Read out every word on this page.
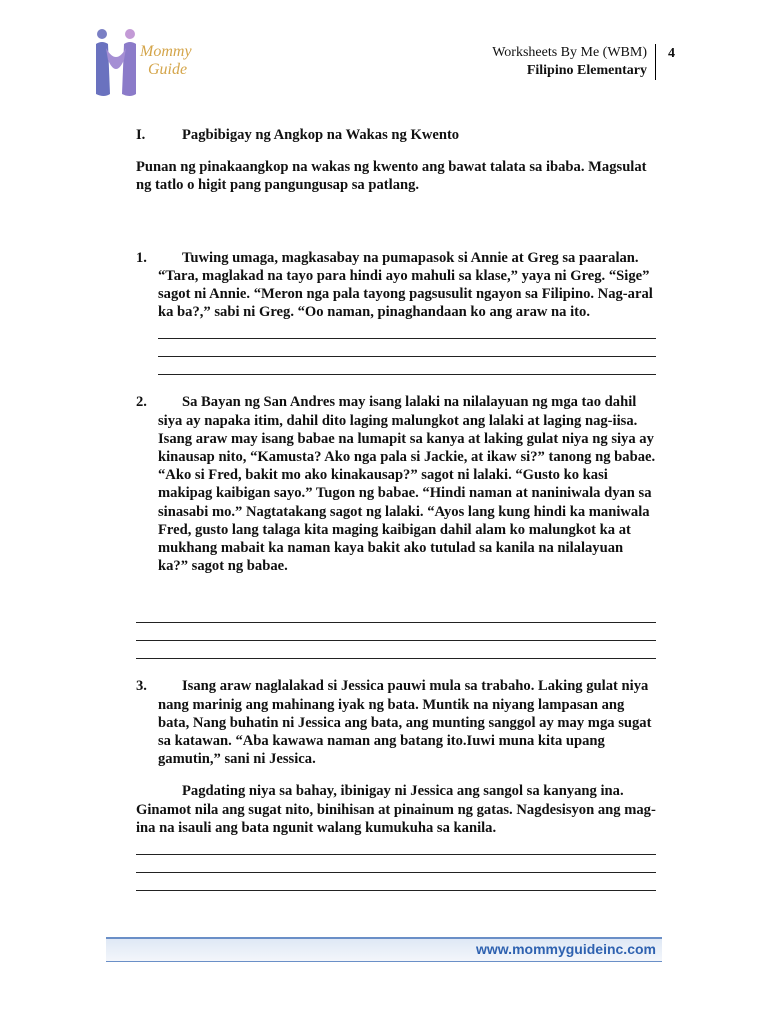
Mommy
Guide
Worksheets By Me (WBM)
Filipino Elementary
4
I.	Pagbibigay ng Angkop na Wakas ng Kwento

Punan ng pinakaangkop na wakas ng kwento ang bawat talata sa ibaba. Magsulat ng tatlo o higit pang pangungusap sa patlang.

1.	Tuwing umaga, magkasabay na pumapasok si Annie at Greg sa paaralan. “Tara, maglakad na tayo para hindi ayo mahuli sa klase,” yaya ni Greg. “Sige” sagot ni Annie. “Meron nga pala tayong pagsusulit ngayon sa Filipino. Nag-aral ka ba?,” sabi ni Greg. “Oo naman, pinaghandaan ko ang araw na ito.
2.	Sa Bayan ng San Andres may isang lalaki na nilalayuan ng mga tao dahil siya ay napaka itim, dahil dito laging malungkot ang lalaki at laging nag-iisa. Isang araw may isang babae na lumapit sa kanya at laking gulat niya ng siya ay kinausap nito, “Kamusta? Ako nga pala si Jackie, at ikaw si?” tanong ng babae. “Ako si Fred, bakit mo ako kinakausap?” sagot ni lalaki. “Gusto ko kasi makipag kaibigan sayo.” Tugon ng babae. “Hindi naman at naniniwala dyan sa sinasabi mo.” Nagtatakang sagot ng lalaki. “Ayos lang kung hindi ka maniwala Fred, gusto lang talaga kita maging kaibigan dahil alam ko malungkot ka at mukhang mabait ka naman kaya bakit ako tutulad sa kanila na nilalayuan ka?” sagot ng babae.
3.	Isang araw naglalakad si Jessica pauwi mula sa trabaho. Laking gulat niya nang marinig ang mahinang iyak ng bata. Muntik na niyang lampasan ang bata, Nang buhatin ni Jessica ang bata, ang munting sanggol ay may mga sugat sa katawan. “Aba kawawa naman ang batang ito.Iuwi muna kita upang gamutin,” sani ni Jessica.
Pagdating niya sa bahay, ibinigay ni Jessica ang sangol sa kanyang ina. Ginamot nila ang sugat nito, binihisan at pinainum ng gatas. Nagdesisyon ang mag-ina na isauli ang bata ngunit walang kumukuha sa kanila.
www.mommyguideinc.com
